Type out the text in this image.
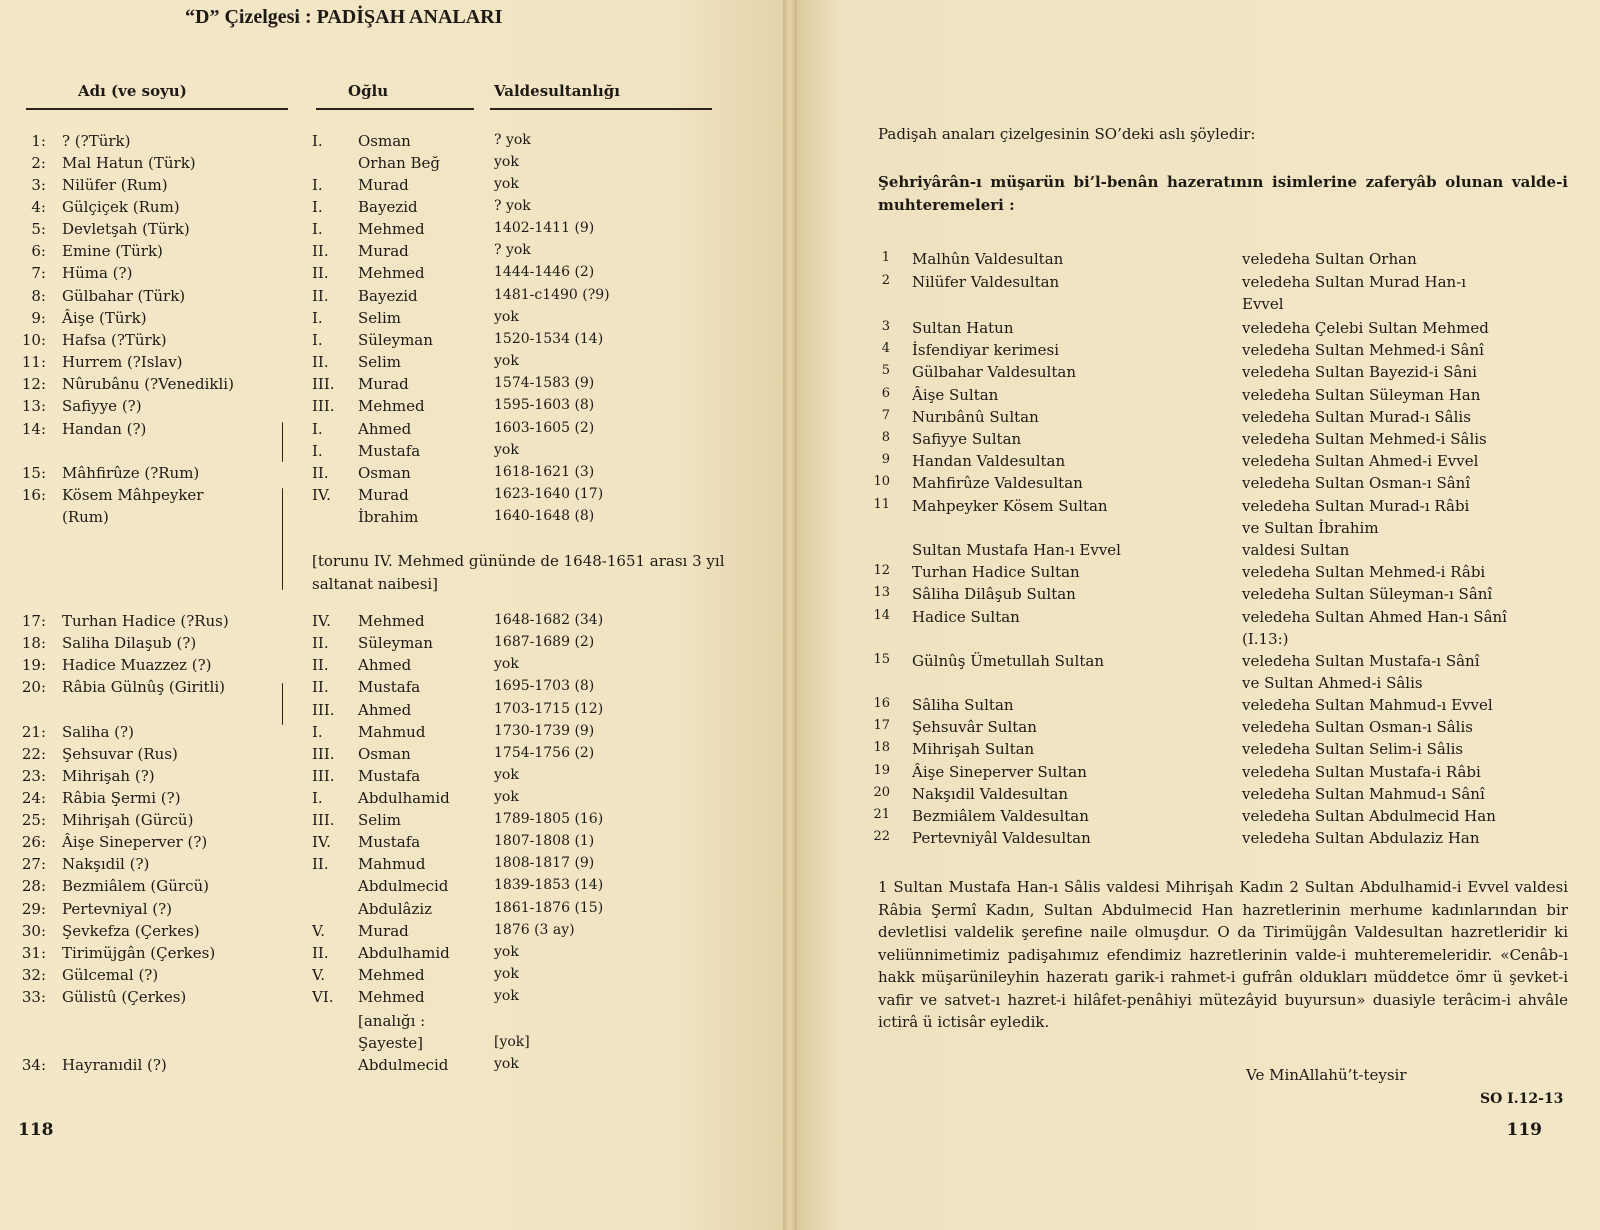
“D” Çizelgesi : PADİŞAH ANALARI
Adı (ve soyu)	Oğlu	Valdesultanlığı
1: ? (?Türk)	I. Osman	? yok
2: Mal Hatun (Türk)	Orhan Beğ	yok
3: Nilüfer (Rum)	I. Murad	yok
4: Gülçiçek (Rum)	I. Bayezid	? yok
5: Devletşah (Türk)	I. Mehmed	1402-1411 (9)
6: Emine (Türk)	II. Murad	? yok
7: Hüma (?)	II. Mehmed	1444-1446 (2)
8: Gülbahar (Türk)	II. Bayezid	1481-c1490 (?9)
9: Âişe (Türk)	I. Selim	yok
10: Hafsa (?Türk)	I. Süleyman	1520-1534 (14)
11: Hurrem (?Islav)	II. Selim	yok
12: Nûrubânu (?Venedikli)	III. Murad	1574-1583 (9)
13: Safiyye (?)	III. Mehmed	1595-1603 (8)
14: Handan (?)	I. Ahmed	1603-1605 (2)
I. Mustafa	yok
15: Mâhfirûze (?Rum)	II. Osman	1618-1621 (3)
16: Kösem Mâhpeyker	IV. Murad	1623-1640 (17)
(Rum)	İbrahim	1640-1648 (8)
17: Turhan Hadice (?Rus)	IV. Mehmed	1648-1682 (34)
18: Saliha Dilaşub (?)	II. Süleyman	1687-1689 (2)
19: Hadice Muazzez (?)	II. Ahmed	yok
20: Râbia Gülnûş (Giritli)	II. Mustafa	1695-1703 (8)
III. Ahmed	1703-1715 (12)
21: Saliha (?)	I. Mahmud	1730-1739 (9)
22: Şehsuvar (Rus)	III. Osman	1754-1756 (2)
23: Mihrişah (?)	III. Mustafa	yok
24: Râbia Şermi (?)	I. Abdulhamid	yok
25: Mihrişah (Gürcü)	III. Selim	1789-1805 (16)
26: Âişe Sineperver (?)	IV. Mustafa	1807-1808 (1)
27: Nakşıdil (?)	II. Mahmud	1808-1817 (9)
28: Bezmiâlem (Gürcü)	Abdulmecid	1839-1853 (14)
29: Pertevniyal (?)	Abdulâziz	1861-1876 (15)
30: Şevkefza (Çerkes)	V. Murad	1876 (3 ay)
31: Tirimüjgân (Çerkes)	II. Abdulhamid	yok
32: Gülcemal (?)	V. Mehmed	yok
33: Gülistû (Çerkes)	VI. Mehmed	yok
[analığı :
Şayeste]	[yok]
34: Hayranıdil (?)	Abdulmecid	yok
[torunu IV. Mehmed gününde de 1648-1651 arası 3 yıl saltanat naibesi]
118
Padişah anaları çizelgesinin SO’deki aslı şöyledir:
Şehriyârân-ı müşarün bi’l-benân hazeratının isimlerine zaferyâb olunan valde-i muhteremeleri :
1 Malhûn Valdesultan	veledeha Sultan Orhan
2 Nilüfer Valdesultan	veledeha Sultan Murad Han-ı
Evvel
3 Sultan Hatun	veledeha Çelebi Sultan Mehmed
4 İsfendiyar kerimesi	veledeha Sultan Mehmed-i Sânî
5 Gülbahar Valdesultan	veledeha Sultan Bayezid-i Sâni
6 Âişe Sultan	veledeha Sultan Süleyman Han
7 Nurıbânû Sultan	veledeha Sultan Murad-ı Sâlis
8 Safiyye Sultan	veledeha Sultan Mehmed-i Sâlis
9 Handan Valdesultan	veledeha Sultan Ahmed-i Evvel
10 Mahfirûze Valdesultan	veledeha Sultan Osman-ı Sânî
11 Mahpeyker Kösem Sultan	veledeha Sultan Murad-ı Râbi
ve Sultan İbrahim
Sultan Mustafa Han-ı Evvel	valdesi Sultan
12 Turhan Hadice Sultan	veledeha Sultan Mehmed-i Râbi
13 Sâliha Dilâşub Sultan	veledeha Sultan Süleyman-ı Sânî
14 Hadice Sultan	veledeha Sultan Ahmed Han-ı Sânî
(I.13:)
15 Gülnûş Ümetullah Sultan	veledeha Sultan Mustafa-ı Sânî
ve Sultan Ahmed-i Sâlis
16 Sâliha Sultan	veledeha Sultan Mahmud-ı Evvel
17 Şehsuvâr Sultan	veledeha Sultan Osman-ı Sâlis
18 Mihrişah Sultan	veledeha Sultan Selim-i Sâlis
19 Âişe Sineperver Sultan	veledeha Sultan Mustafa-i Râbi
20 Nakşıdil Valdesultan	veledeha Sultan Mahmud-ı Sânî
21 Bezmiâlem Valdesultan	veledeha Sultan Abdulmecid Han
22 Pertevniyâl Valdesultan	veledeha Sultan Abdulaziz Han
1 Sultan Mustafa Han-ı Sâlis valdesi Mihrişah Kadın 2 Sultan Abdulhamid-i Evvel valdesi Râbia Şermî Kadın, Sultan Abdulmecid Han hazretlerinin merhume kadınlarından bir devletlisi valdelik şerefine naile olmuşdur. O da Tirimüjgân Valdesultan hazretleridir ki veliünnimetimiz padişahımız efendimiz hazretlerinin valde-i muhteremeleridir. «Cenâb-ı hakk müşarünileyhin hazeratı garik-i rahmet-i gufrân oldukları müddetce ömr ü şevket-i vafir ve satvet-ı hazret-i hilâfet-penâhiyi mütezâyid buyursun» duasiyle terâcim-i ahvâle ictirâ ü ictisâr eyledik.
Ve MinAllahü’t-teysir
SO I.12-13
119
